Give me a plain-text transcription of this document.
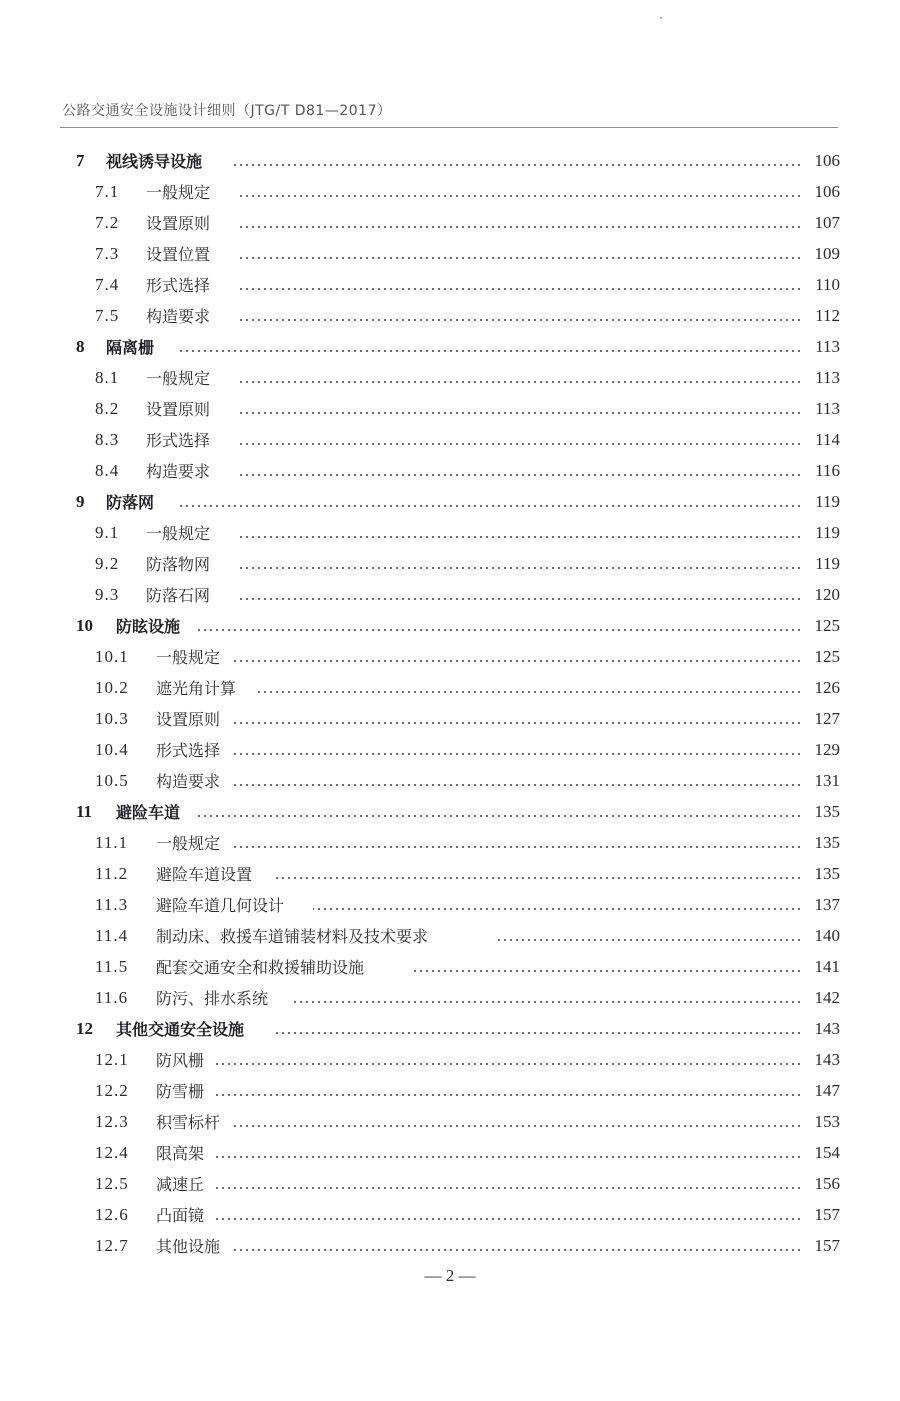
公路交通安全设施设计细则（JTG/T D81—2017）
7 视线诱导设施	106
7.1 一般规定	106
7.2 设置原则	107
7.3 设置位置	109
7.4 形式选择	110
7.5 构造要求	112
8 隔离栅	113
8.1 一般规定	113
8.2 设置原则	113
8.3 形式选择	114
8.4 构造要求	116
9 防落网	119
9.1 一般规定	119
9.2 防落物网	119
9.3 防落石网	120
10 防眩设施	125
10.1 一般规定	125
10.2 遮光角计算	126
10.3 设置原则	127
10.4 形式选择	129
10.5 构造要求	131
11 避险车道	135
11.1 一般规定	135
11.2 避险车道设置	135
11.3 避险车道几何设计	137
11.4 制动床、救援车道铺装材料及技术要求	140
11.5 配套交通安全和救援辅助设施	141
11.6 防污、排水系统	142
12 其他交通安全设施	143
12.1 防风栅	143
12.2 防雪栅	147
12.3 积雪标杆	153
12.4 限高架	154
12.5 减速丘	156
12.6 凸面镜	157
12.7 其他设施	157
— 2 —
